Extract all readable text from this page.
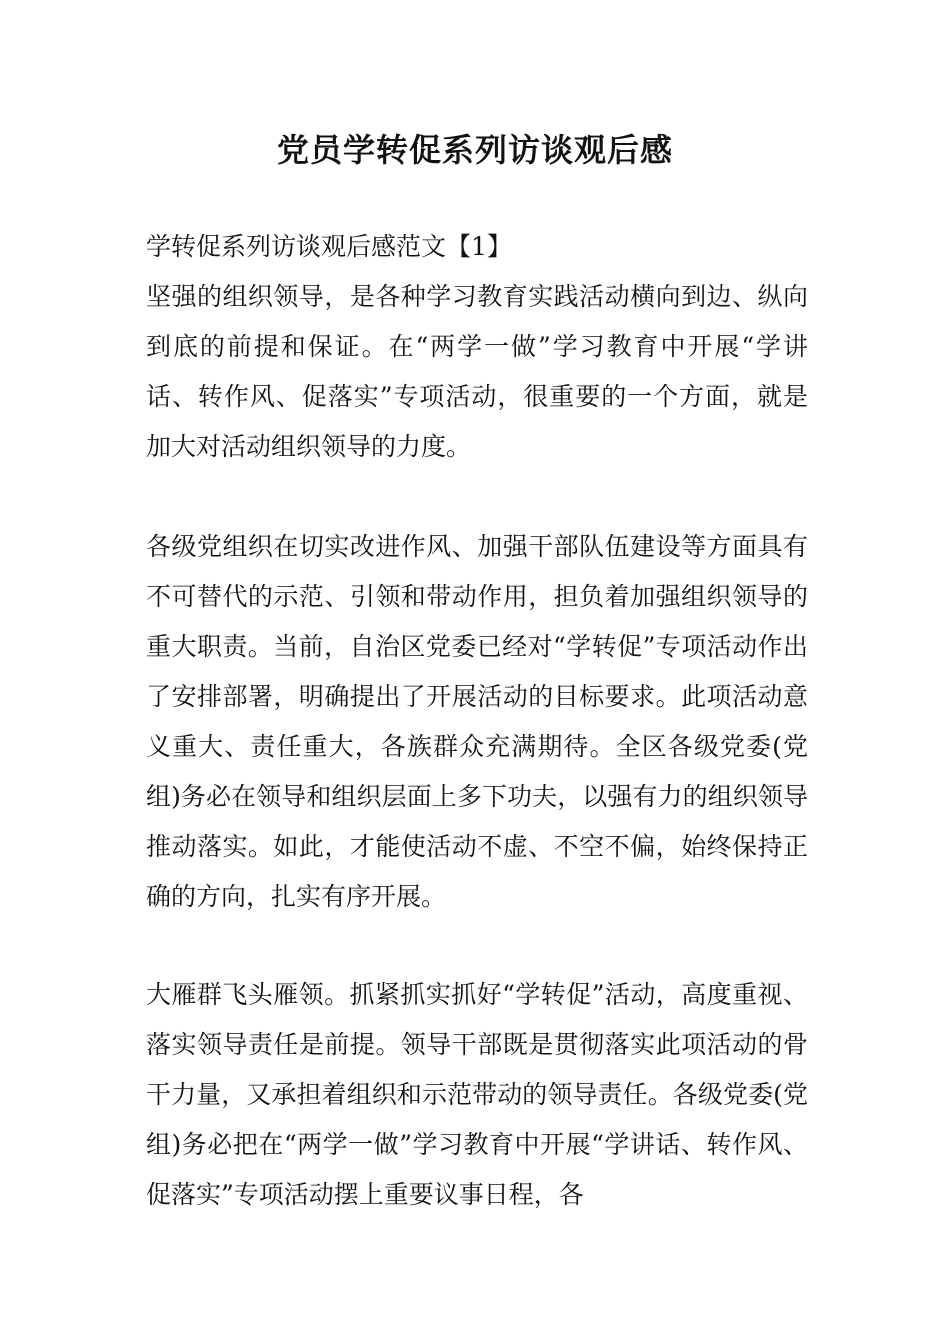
党员学转促系列访谈观后感

学转促系列访谈观后感范文【1】

坚强的组织领导，是各种学习教育实践活动横向到边、纵向到底的前提和保证。在“两学一做”学习教育中开展“学讲话、转作风、促落实”专项活动，很重要的一个方面，就是加大对活动组织领导的力度。

各级党组织在切实改进作风、加强干部队伍建设等方面具有不可替代的示范、引领和带动作用，担负着加强组织领导的重大职责。当前，自治区党委已经对“学转促”专项活动作出了安排部署，明确提出了开展活动的目标要求。此项活动意义重大、责任重大，各族群众充满期待。全区各级党委(党组)务必在领导和组织层面上多下功夫，以强有力的组织领导推动落实。如此，才能使活动不虚、不空不偏，始终保持正确的方向，扎实有序开展。

大雁群飞头雁领。抓紧抓实抓好“学转促”活动，高度重视、落实领导责任是前提。领导干部既是贯彻落实此项活动的骨干力量，又承担着组织和示范带动的领导责任。各级党委(党组)务必把在“两学一做”学习教育中开展“学讲话、转作风、促落实”专项活动摆上重要议事日程，各
